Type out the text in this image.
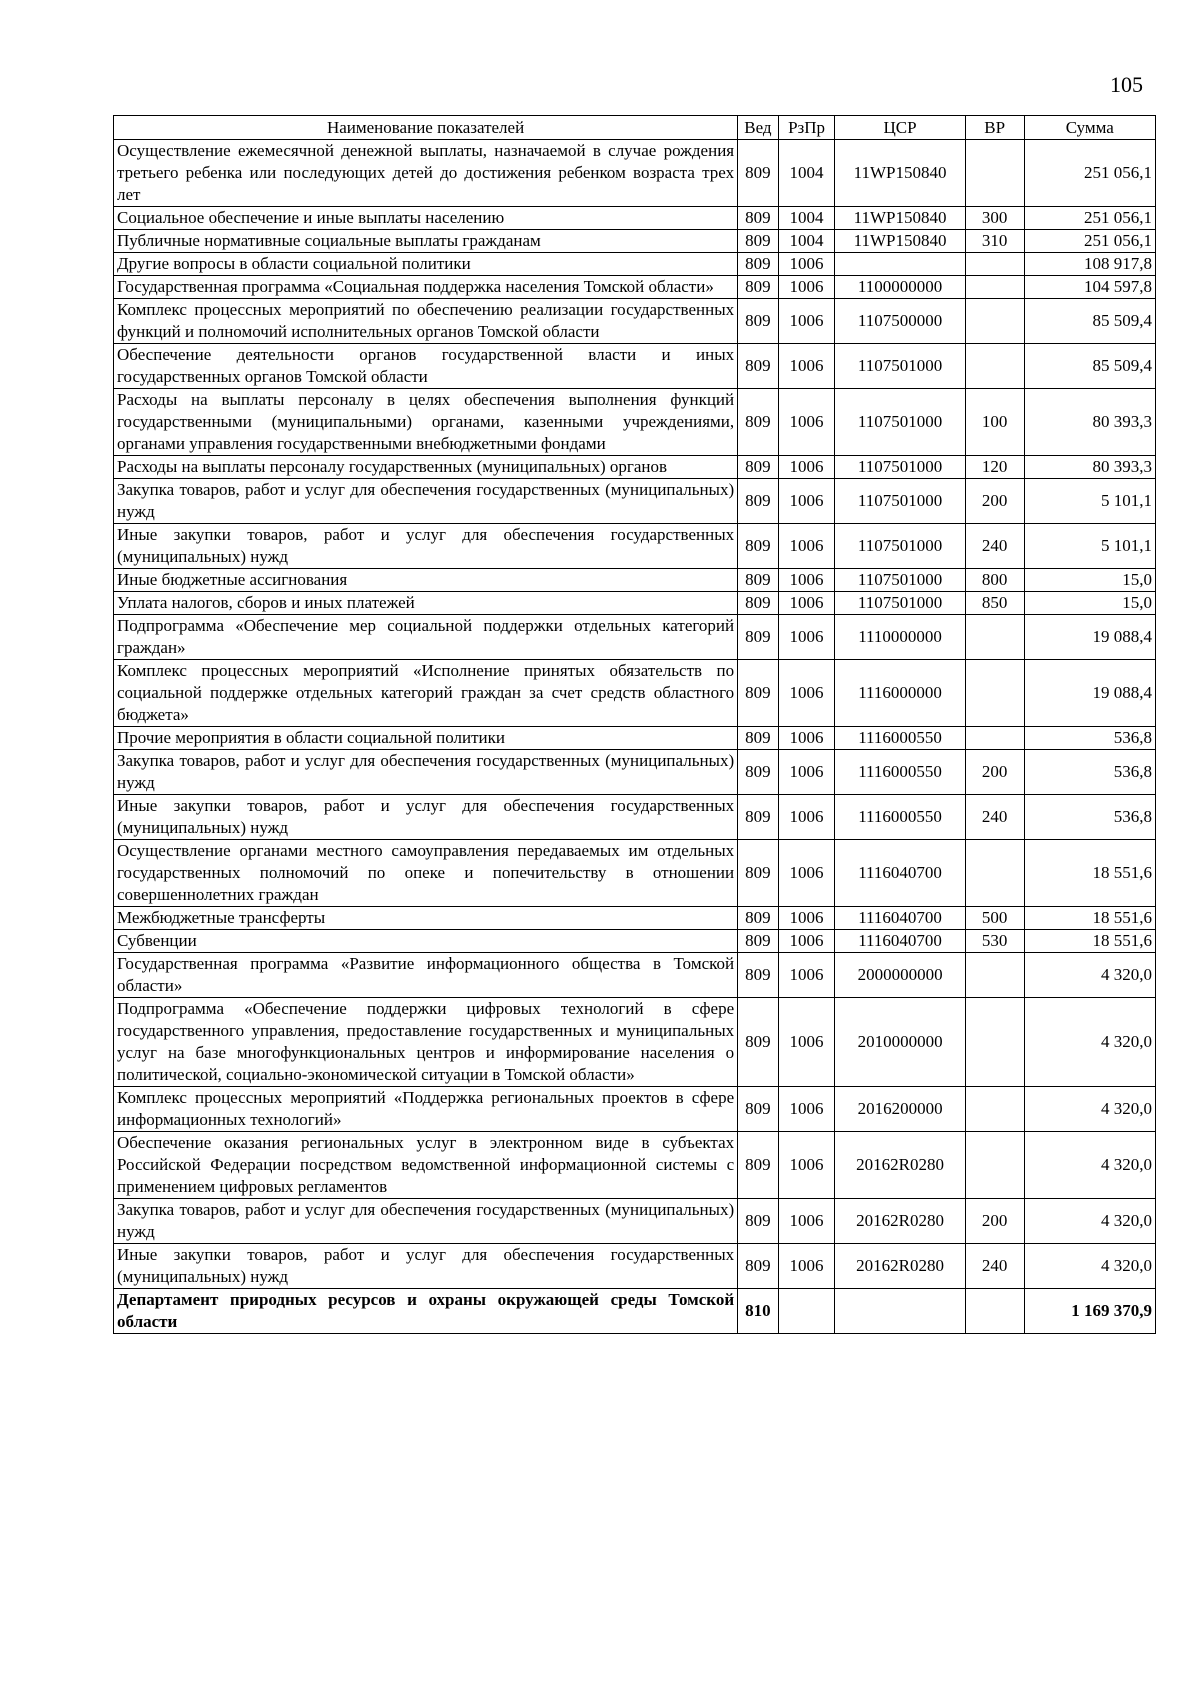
105
Наименование показателей	Вед	РзПр	ЦСР	ВР	Сумма
Осуществление ежемесячной денежной выплаты, назначаемой в случае рождения третьего ребенка или последующих детей до достижения ребенком возраста трех лет	809	1004	11WP150840		251 056,1
Социальное обеспечение и иные выплаты населению	809	1004	11WP150840	300	251 056,1
Публичные нормативные социальные выплаты гражданам	809	1004	11WP150840	310	251 056,1
Другие вопросы в области социальной политики	809	1006			108 917,8
Государственная программа «Социальная поддержка населения Томской области»	809	1006	1100000000		104 597,8
Комплекс процессных мероприятий по обеспечению реализации государственных функций и полномочий исполнительных органов Томской области	809	1006	1107500000		85 509,4
Обеспечение деятельности органов государственной власти и иных государственных органов Томской области	809	1006	1107501000		85 509,4
Расходы на выплаты персоналу в целях обеспечения выполнения функций государственными (муниципальными) органами, казенными учреждениями, органами управления государственными внебюджетными фондами	809	1006	1107501000	100	80 393,3
Расходы на выплаты персоналу государственных (муниципальных) органов	809	1006	1107501000	120	80 393,3
Закупка товаров, работ и услуг для обеспечения государственных (муниципальных) нужд	809	1006	1107501000	200	5 101,1
Иные закупки товаров, работ и услуг для обеспечения государственных (муниципальных) нужд	809	1006	1107501000	240	5 101,1
Иные бюджетные ассигнования	809	1006	1107501000	800	15,0
Уплата налогов, сборов и иных платежей	809	1006	1107501000	850	15,0
Подпрограмма «Обеспечение мер социальной поддержки отдельных категорий граждан»	809	1006	1110000000		19 088,4
Комплекс процессных мероприятий «Исполнение принятых обязательств по социальной поддержке отдельных категорий граждан за счет средств областного бюджета»	809	1006	1116000000		19 088,4
Прочие мероприятия в области социальной политики	809	1006	1116000550		536,8
Закупка товаров, работ и услуг для обеспечения государственных (муниципальных) нужд	809	1006	1116000550	200	536,8
Иные закупки товаров, работ и услуг для обеспечения государственных (муниципальных) нужд	809	1006	1116000550	240	536,8
Осуществление органами местного самоуправления передаваемых им отдельных государственных полномочий по опеке и попечительству в отношении совершеннолетних граждан	809	1006	1116040700		18 551,6
Межбюджетные трансферты	809	1006	1116040700	500	18 551,6
Субвенции	809	1006	1116040700	530	18 551,6
Государственная программа «Развитие информационного общества в Томской области»	809	1006	2000000000		4 320,0
Подпрограмма «Обеспечение поддержки цифровых технологий в сфере государственного управления, предоставление государственных и муниципальных услуг на базе многофункциональных центров и информирование населения о политической, социально-экономической ситуации в Томской области»	809	1006	2010000000		4 320,0
Комплекс процессных мероприятий «Поддержка региональных проектов в сфере информационных технологий»	809	1006	2016200000		4 320,0
Обеспечение оказания региональных услуг в электронном виде в субъектах Российской Федерации посредством ведомственной информационной системы с применением цифровых регламентов	809	1006	20162R0280		4 320,0
Закупка товаров, работ и услуг для обеспечения государственных (муниципальных) нужд	809	1006	20162R0280	200	4 320,0
Иные закупки товаров, работ и услуг для обеспечения государственных (муниципальных) нужд	809	1006	20162R0280	240	4 320,0
Департамент природных ресурсов и охраны окружающей среды Томской области	810				1 169 370,9
